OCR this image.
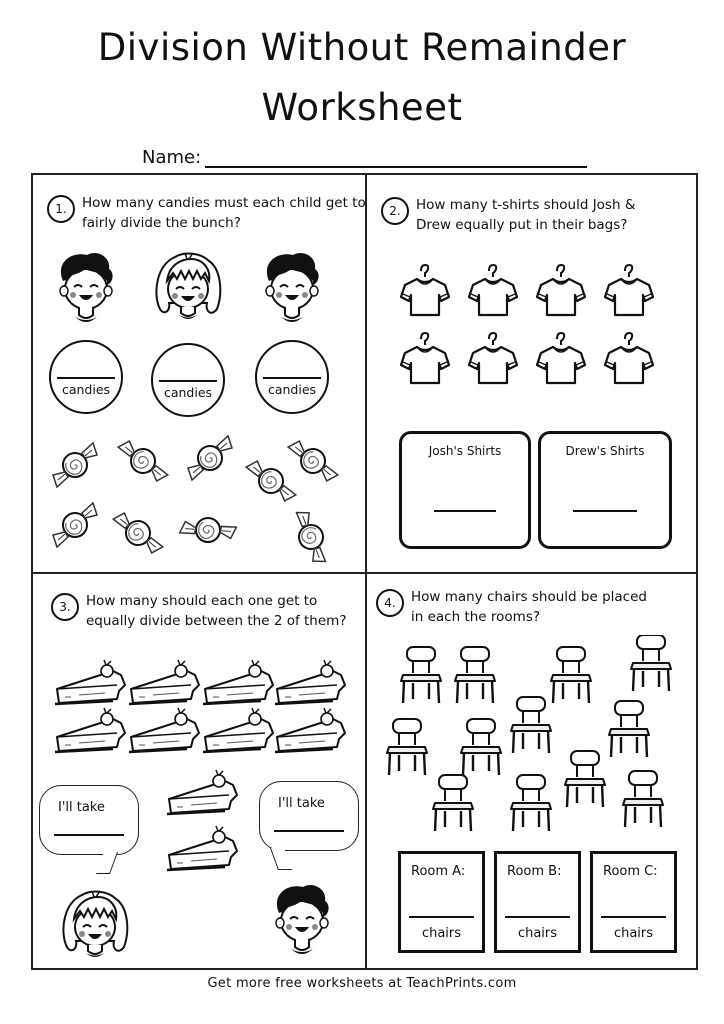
Division Without Remainder
Worksheet
Name:
1.	How many candies must each child get to
fairly divide the bunch?
candies	candies	candies
2.	How many t-shirts should Josh &
Drew equally put in their bags?
Josh's Shirts	Drew's Shirts
3.	How many should each one get to
equally divide between the 2 of them?
I'll take	I'll take
4.	How many chairs should be placed
in each the rooms?
Room A:
chairs
Room B:
chairs
Room C:
chairs
Get more free worksheets at TeachPrints.com
